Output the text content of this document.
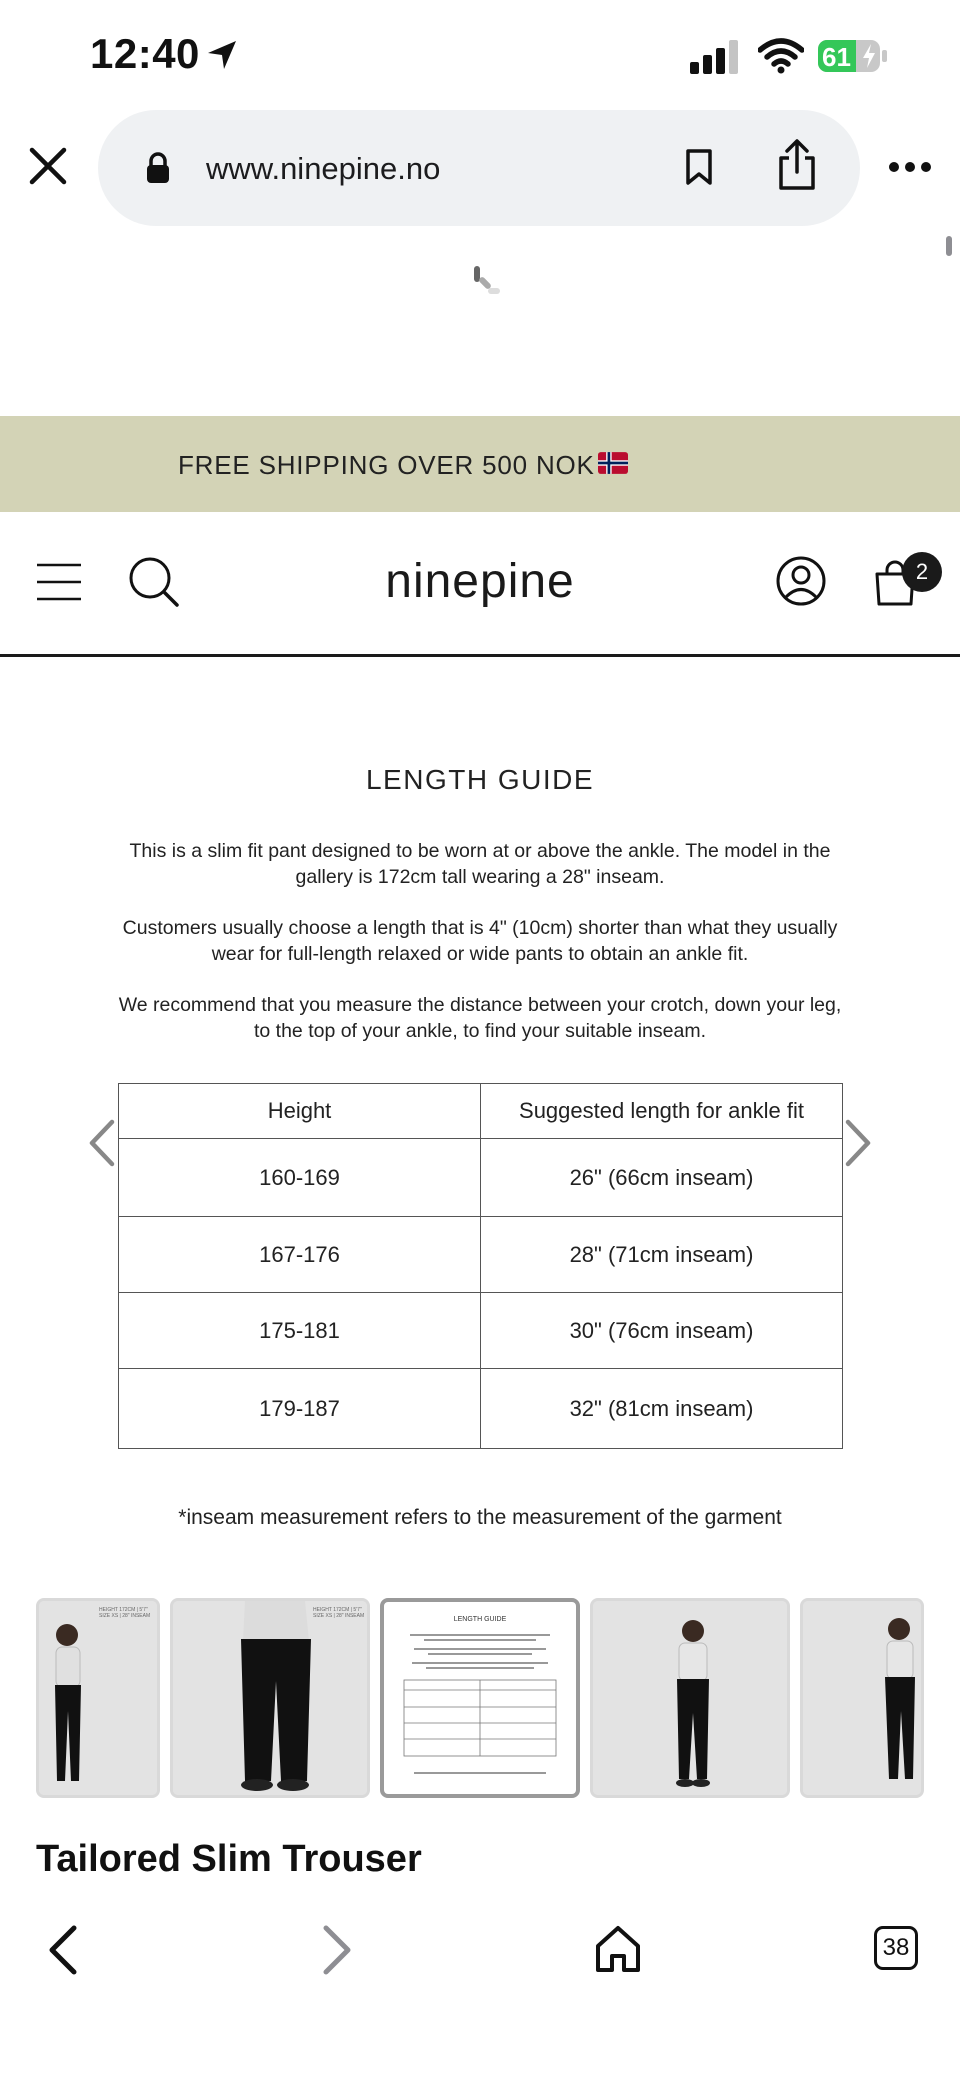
12:40	61
www.ninepine.no
FREE SHIPPING OVER 500 NOK
ninepine	2
LENGTH GUIDE
This is a slim fit pant designed to be worn at or above the ankle. The model in the gallery is 172cm tall wearing a 28" inseam.
Customers usually choose a length that is 4" (10cm) shorter than what they usually wear for full-length relaxed or wide pants to obtain an ankle fit.
We recommend that you measure the distance between your crotch, down your leg, to the top of your ankle, to find your suitable inseam.
Height	Suggested length for ankle fit
160-169	26" (66cm inseam)
167-176	28" (71cm inseam)
175-181	30" (76cm inseam)
179-187	32" (81cm inseam)
*inseam measurement refers to the measurement of the garment
HEIGHT 172CM | 5'7" SIZE XS | 28" INSEAM
HEIGHT 172CM | 5'7" SIZE XS | 28" INSEAM	LENGTH GUIDE
Tailored Slim Trouser
38
